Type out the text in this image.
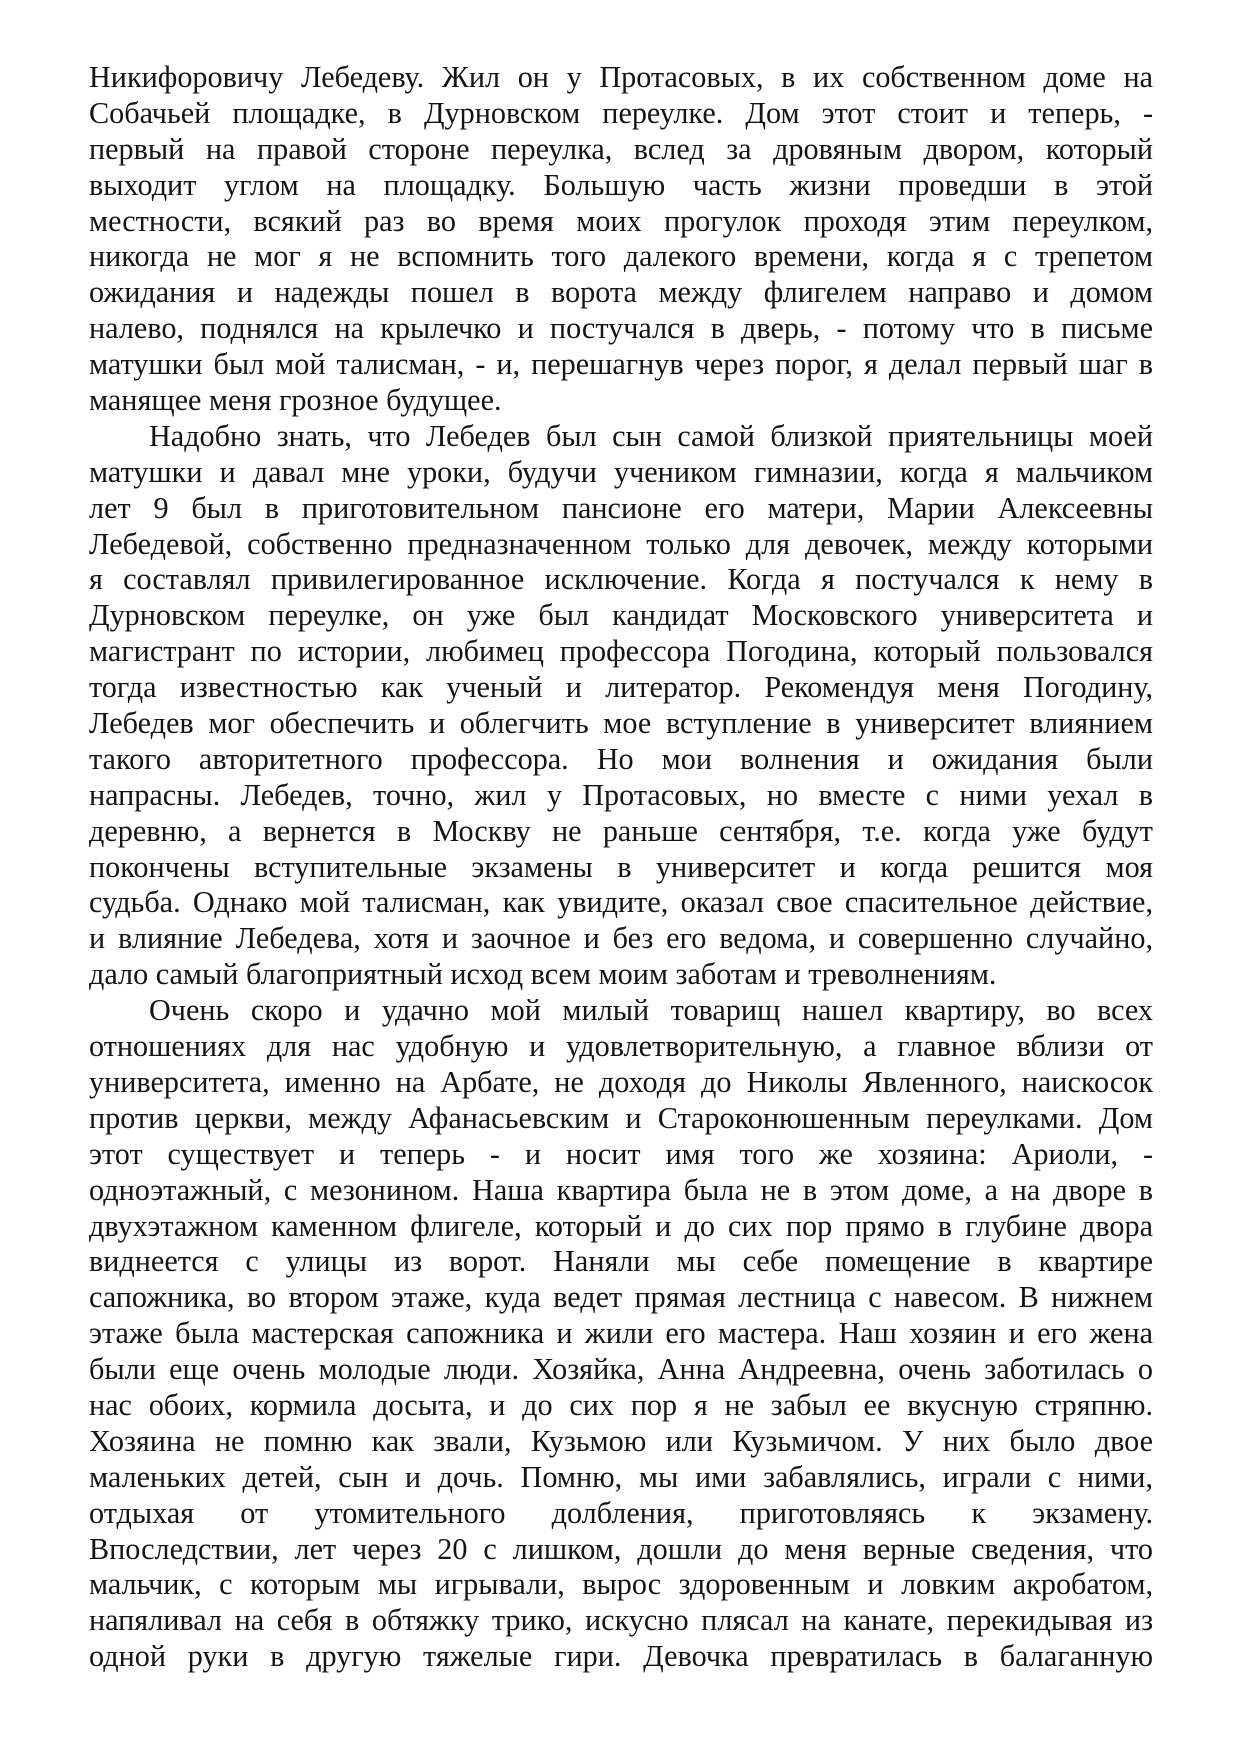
Никифоровичу Лебедеву. Жил он у Протасовых, в их собственном доме на
Собачьей площадке, в Дурновском переулке. Дом этот стоит и теперь, -
первый на правой стороне переулка, вслед за дровяным двором, который
выходит углом на площадку. Большую часть жизни проведши в этой
местности, всякий раз во время моих прогулок проходя этим переулком,
никогда не мог я не вспомнить того далекого времени, когда я с трепетом
ожидания и надежды пошел в ворота между флигелем направо и домом
налево, поднялся на крылечко и постучался в дверь, - потому что в письме
матушки был мой талисман, - и, перешагнув через порог, я делал первый шаг в
манящее меня грозное будущее.
Надобно знать, что Лебедев был сын самой близкой приятельницы моей
матушки и давал мне уроки, будучи учеником гимназии, когда я мальчиком
лет 9 был в приготовительном пансионе его матери, Марии Алексеевны
Лебедевой, собственно предназначенном только для девочек, между которыми
я составлял привилегированное исключение. Когда я постучался к нему в
Дурновском переулке, он уже был кандидат Московского университета и
магистрант по истории, любимец профессора Погодина, который пользовался
тогда известностью как ученый и литератор. Рекомендуя меня Погодину,
Лебедев мог обеспечить и облегчить мое вступление в университет влиянием
такого авторитетного профессора. Но мои волнения и ожидания были
напрасны. Лебедев, точно, жил у Протасовых, но вместе с ними уехал в
деревню, а вернется в Москву не раньше сентября, т.е. когда уже будут
покончены вступительные экзамены в университет и когда решится моя
судьба. Однако мой талисман, как увидите, оказал свое спасительное действие,
и влияние Лебедева, хотя и заочное и без его ведома, и совершенно случайно,
дало самый благоприятный исход всем моим заботам и треволнениям.
Очень скоро и удачно мой милый товарищ нашел квартиру, во всех
отношениях для нас удобную и удовлетворительную, а главное вблизи от
университета, именно на Арбате, не доходя до Николы Явленного, наискосок
против церкви, между Афанасьевским и Староконюшенным переулками. Дом
этот существует и теперь - и носит имя того же хозяина: Ариоли, -
одноэтажный, с мезонином. Наша квартира была не в этом доме, а на дворе в
двухэтажном каменном флигеле, который и до сих пор прямо в глубине двора
виднеется с улицы из ворот. Наняли мы себе помещение в квартире
сапожника, во втором этаже, куда ведет прямая лестница с навесом. В нижнем
этаже была мастерская сапожника и жили его мастера. Наш хозяин и его жена
были еще очень молодые люди. Хозяйка, Анна Андреевна, очень заботилась о
нас обоих, кормила досыта, и до сих пор я не забыл ее вкусную стряпню.
Хозяина не помню как звали, Кузьмою или Кузьмичом. У них было двое
маленьких детей, сын и дочь. Помню, мы ими забавлялись, играли с ними,
отдыхая от утомительного долбления, приготовляясь к экзамену.
Впоследствии, лет через 20 с лишком, дошли до меня верные сведения, что
мальчик, с которым мы игрывали, вырос здоровенным и ловким акробатом,
напяливал на себя в обтяжку трико, искусно плясал на канате, перекидывая из
одной руки в другую тяжелые гири. Девочка превратилась в балаганную
